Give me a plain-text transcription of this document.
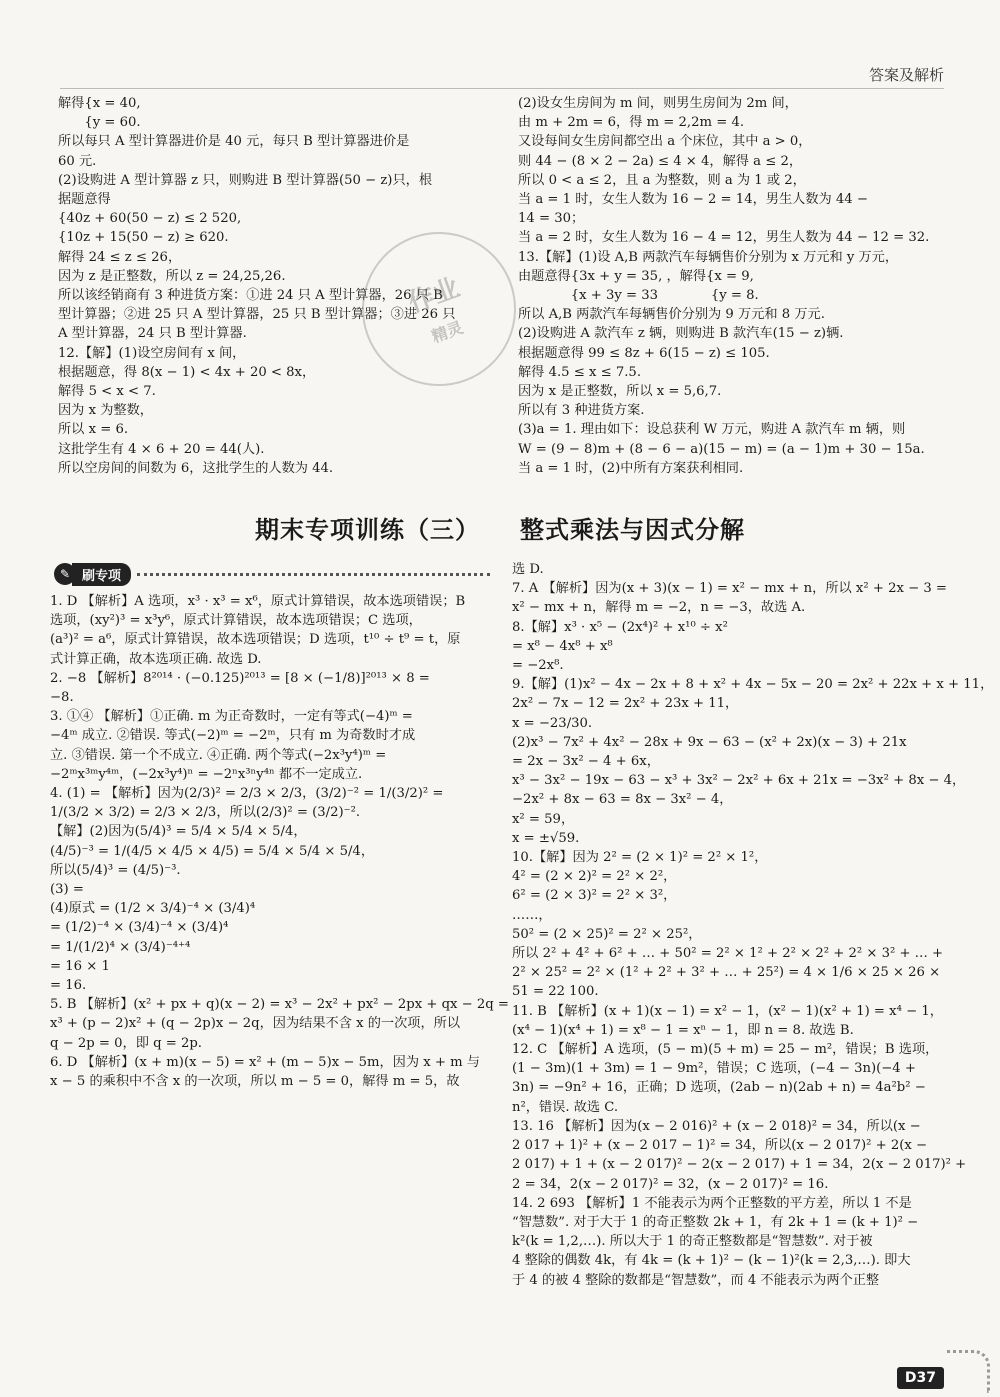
答案及解析

解得{x = 40,

　　{y = 60.

所以每只 A 型计算器进价是 40 元，每只 B 型计算器进价是

60 元.

(2)设购进 A 型计算器 z 只，则购进 B 型计算器(50 − z)只，根

据题意得

{40z + 60(50 − z) ≤ 2 520,

{10z + 15(50 − z) ≥ 620.

解得 24 ≤ z ≤ 26，

因为 z 是正整数，所以 z = 24,25,26.

所以该经销商有 3 种进货方案：①进 24 只 A 型计算器，26 只 B

型计算器；②进 25 只 A 型计算器，25 只 B 型计算器；③进 26 只

A 型计算器，24 只 B 型计算器.

12.【解】(1)设空房间有 x 间，

根据题意，得 8(x − 1) < 4x + 20 < 8x，

解得 5 < x < 7.

因为 x 为整数，

所以 x = 6.

这批学生有 4 × 6 + 20 = 44(人).

所以空房间的间数为 6，这批学生的人数为 44.

(2)设女生房间为 m 间，则男生房间为 2m 间，

由 m + 2m = 6，得 m = 2,2m = 4.

又设每间女生房间都空出 a 个床位，其中 a > 0，

则 44 − (8 × 2 − 2a) ≤ 4 × 4，解得 a ≤ 2，

所以 0 < a ≤ 2，且 a 为整数，则 a 为 1 或 2，

当 a = 1 时，女生人数为 16 − 2 = 14，男生人数为 44 −

14 = 30；

当 a = 2 时，女生人数为 16 − 4 = 12，男生人数为 44 − 12 = 32.

13.【解】(1)设 A,B 两款汽车每辆售价分别为 x 万元和 y 万元，

由题意得{3x + y = 35, ，解得{x = 9,

　　　　{x + 3y = 33　　　　{y = 8.

所以 A,B 两款汽车每辆售价分别为 9 万元和 8 万元.

(2)设购进 A 款汽车 z 辆，则购进 B 款汽车(15 − z)辆.

根据题意得 99 ≤ 8z + 6(15 − z) ≤ 105.

解得 4.5 ≤ x ≤ 7.5.

因为 x 是正整数，所以 x = 5,6,7.

所以有 3 种进货方案.

(3)a = 1. 理由如下：设总获利 W 万元，购进 A 款汽车 m 辆，则

W = (9 − 8)m + (8 − 6 − a)(15 − m) = (a − 1)m + 30 − 15a.

当 a = 1 时，(2)中所有方案获利相同.

作业
精灵
期末专项训练（三） 整式乘法与因式分解
✎ 刷专项

1. D 【解析】A 选项，x³ · x³ = x⁶，原式计算错误，故本选项错误；B

选项，(xy²)³ = x³y⁶，原式计算错误，故本选项错误；C 选项，

(a³)² = a⁶，原式计算错误，故本选项错误；D 选项，t¹⁰ ÷ t⁹ = t，原

式计算正确，故本选项正确. 故选 D.

2. −8 【解析】8²⁰¹⁴ · (−0.125)²⁰¹³ = [8 × (−1/8)]²⁰¹³ × 8 =

−8.

3. ①④ 【解析】①正确. m 为正奇数时，一定有等式(−4)ᵐ =

−4ᵐ 成立. ②错误. 等式(−2)ᵐ = −2ᵐ，只有 m 为奇数时才成

立. ③错误. 第一个不成立. ④正确. 两个等式(−2x³y⁴)ᵐ =

−2ᵐx³ᵐy⁴ᵐ，(−2x³y⁴)ⁿ = −2ⁿx³ⁿy⁴ⁿ 都不一定成立.

4. (1) = 【解析】因为(2/3)² = 2/3 × 2/3，(3/2)⁻² = 1/(3/2)² =

1/(3/2 × 3/2) = 2/3 × 2/3，所以(2/3)² = (3/2)⁻².

【解】(2)因为(5/4)³ = 5/4 × 5/4 × 5/4，

(4/5)⁻³ = 1/(4/5 × 4/5 × 4/5) = 5/4 × 5/4 × 5/4，

所以(5/4)³ = (4/5)⁻³.

(3) =

(4)原式 = (1/2 × 3/4)⁻⁴ × (3/4)⁴

= (1/2)⁻⁴ × (3/4)⁻⁴ × (3/4)⁴

= 1/(1/2)⁴ × (3/4)⁻⁴⁺⁴

= 16 × 1

= 16.

5. B 【解析】(x² + px + q)(x − 2) = x³ − 2x² + px² − 2px + qx − 2q =

x³ + (p − 2)x² + (q − 2p)x − 2q，因为结果不含 x 的一次项，所以

q − 2p = 0，即 q = 2p.

6. D 【解析】(x + m)(x − 5) = x² + (m − 5)x − 5m，因为 x + m 与

x − 5 的乘积中不含 x 的一次项，所以 m − 5 = 0，解得 m = 5，故

选 D.

7. A 【解析】因为(x + 3)(x − 1) = x² − mx + n，所以 x² + 2x − 3 =

x² − mx + n，解得 m = −2，n = −3，故选 A.

8.【解】x³ · x⁵ − (2x⁴)² + x¹⁰ ÷ x²

= x⁸ − 4x⁸ + x⁸

= −2x⁸.

9.【解】(1)x² − 4x − 2x + 8 + x² + 4x − 5x − 20 = 2x² + 22x + x + 11，

2x² − 7x − 12 = 2x² + 23x + 11，

x = −23/30.

(2)x³ − 7x² + 4x² − 28x + 9x − 63 − (x² + 2x)(x − 3) + 21x

= 2x − 3x² − 4 + 6x，

x³ − 3x² − 19x − 63 − x³ + 3x² − 2x² + 6x + 21x = −3x² + 8x − 4，

−2x² + 8x − 63 = 8x − 3x² − 4，

x² = 59，

x = ±√59.

10.【解】因为 2² = (2 × 1)² = 2² × 1²，

4² = (2 × 2)² = 2² × 2²，

6² = (2 × 3)² = 2² × 3²，

……，

50² = (2 × 25)² = 2² × 25²，

所以 2² + 4² + 6² + … + 50² = 2² × 1² + 2² × 2² + 2² × 3² + … +

2² × 25² = 2² × (1² + 2² + 3² + … + 25²) = 4 × 1/6 × 25 × 26 ×

51 = 22 100.

11. B 【解析】(x + 1)(x − 1) = x² − 1，(x² − 1)(x² + 1) = x⁴ − 1，

(x⁴ − 1)(x⁴ + 1) = x⁸ − 1 = xⁿ − 1，即 n = 8. 故选 B.

12. C 【解析】A 选项，(5 − m)(5 + m) = 25 − m²，错误；B 选项，

(1 − 3m)(1 + 3m) = 1 − 9m²，错误；C 选项，(−4 − 3n)(−4 +

3n) = −9n² + 16，正确；D 选项，(2ab − n)(2ab + n) = 4a²b² −

n²，错误. 故选 C.

13. 16 【解析】因为(x − 2 016)² + (x − 2 018)² = 34，所以(x −

2 017 + 1)² + (x − 2 017 − 1)² = 34，所以(x − 2 017)² + 2(x −

2 017) + 1 + (x − 2 017)² − 2(x − 2 017) + 1 = 34，2(x − 2 017)² +

2 = 34，2(x − 2 017)² = 32，(x − 2 017)² = 16.

14. 2 693 【解析】1 不能表示为两个正整数的平方差，所以 1 不是

“智慧数”. 对于大于 1 的奇正整数 2k + 1，有 2k + 1 = (k + 1)² −

k²(k = 1,2,…). 所以大于 1 的奇正整数都是“智慧数”. 对于被

4 整除的偶数 4k，有 4k = (k + 1)² − (k − 1)²(k = 2,3,…). 即大

于 4 的被 4 整除的数都是“智慧数”，而 4 不能表示为两个正整

D37
